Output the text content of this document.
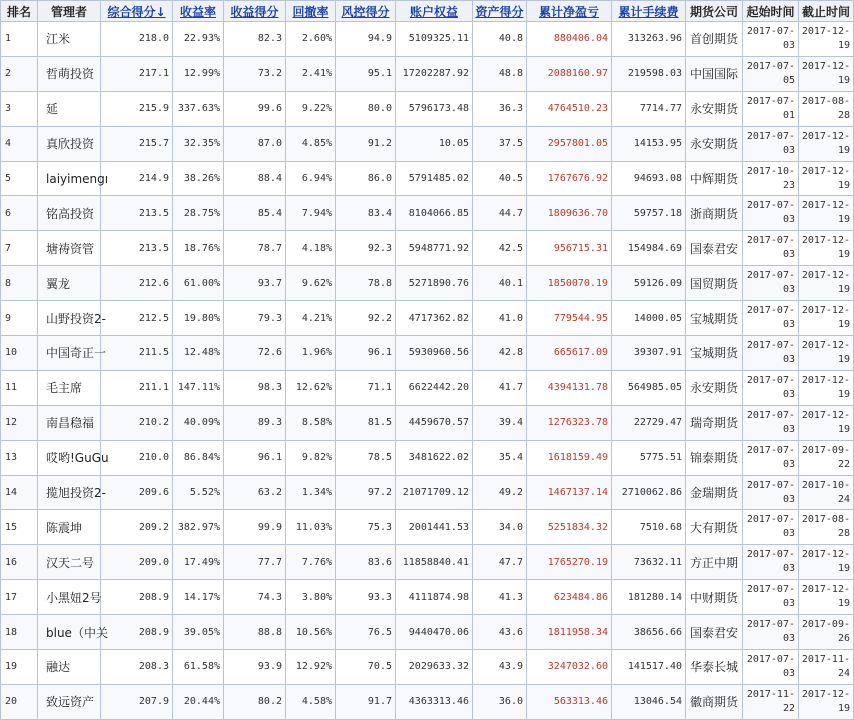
排名	管理者	综合得分↓	收益率	收益得分	回撤率	风控得分	账户权益	资产得分	累计净盈亏	累计手续费	期货公司	起始时间	截止时间
1	江米	218.0	22.93%	82.3	2.60%	94.9	5109325.11	40.8	880406.04	313263.96	首创期货	2017-07-03	2017-12-19
2	哲萌投资	217.1	12.99%	73.2	2.41%	95.1	17202287.92	48.8	2088160.97	219598.03	中国国际	2017-07-05	2017-12-19
3	延	215.9	337.63%	99.6	9.22%	80.0	5796173.48	36.3	4764510.23	7714.77	永安期货	2017-07-01	2017-08-28
4	真欣投资	215.7	32.35%	87.0	4.85%	91.2	10.05	37.5	2957801.05	14153.95	永安期货	2017-07-03	2017-12-19
5	laiyimengı	214.9	38.26%	88.4	6.94%	86.0	5791485.02	40.5	1767676.92	94693.08	中辉期货	2017-10-23	2017-12-19
6	铭高投资	213.5	28.75%	85.4	7.94%	83.4	8104066.85	44.7	1809636.70	59757.18	浙商期货	2017-07-03	2017-12-19
7	塘祷资管	213.5	18.76%	78.7	4.18%	92.3	5948771.92	42.5	956715.31	154984.69	国泰君安	2017-07-03	2017-12-19
8	翼龙	212.6	61.00%	93.7	9.62%	78.8	5271890.76	40.1	1850070.19	59126.09	国贸期货	2017-07-03	2017-12-19
9	山野投资2-	212.5	19.80%	79.3	4.21%	92.2	4717362.82	41.0	779544.95	14000.05	宝城期货	2017-07-03	2017-12-19
10	中国奇正一	211.5	12.48%	72.6	1.96%	96.1	5930960.56	42.8	665617.09	39307.91	宝城期货	2017-07-03	2017-12-19
11	毛主席	211.1	147.11%	98.3	12.62%	71.1	6622442.20	41.7	4394131.78	564985.05	永安期货	2017-07-03	2017-12-19
12	南昌稳福	210.2	40.09%	89.3	8.58%	81.5	4459670.57	39.4	1276323.78	22729.47	瑞奇期货	2017-07-03	2017-12-19
13	哎哟!GuGu	210.0	86.84%	96.1	9.82%	78.5	3481622.02	35.4	1618159.49	5775.51	锦泰期货	2017-07-03	2017-09-22
14	揽旭投资2-	209.6	5.52%	63.2	1.34%	97.2	21071709.12	49.2	1467137.14	2710062.86	金瑞期货	2017-07-03	2017-10-24
15	陈震坤	209.2	382.97%	99.9	11.03%	75.3	2001441.53	34.0	5251834.32	7510.68	大有期货	2017-07-03	2017-08-28
16	汉天二号	209.0	17.49%	77.7	7.76%	83.6	11858840.41	47.7	1765270.19	73632.11	方正中期	2017-07-03	2017-12-19
17	小黑妞2号	208.9	14.17%	74.3	3.80%	93.3	4111874.98	41.3	623484.86	181280.14	中财期货	2017-07-03	2017-12-19
18	blue（中关	208.9	39.05%	88.8	10.56%	76.5	9440470.06	43.6	1811958.34	38656.66	国泰君安	2017-07-03	2017-09-26
19	融达	208.3	61.58%	93.9	12.92%	70.5	2029633.32	43.9	3247032.60	141517.40	华泰长城	2017-07-03	2017-11-24
20	致远资产	207.9	20.44%	80.2	4.58%	91.7	4363313.46	36.0	563313.46	13046.54	徽商期货	2017-11-22	2017-12-19
